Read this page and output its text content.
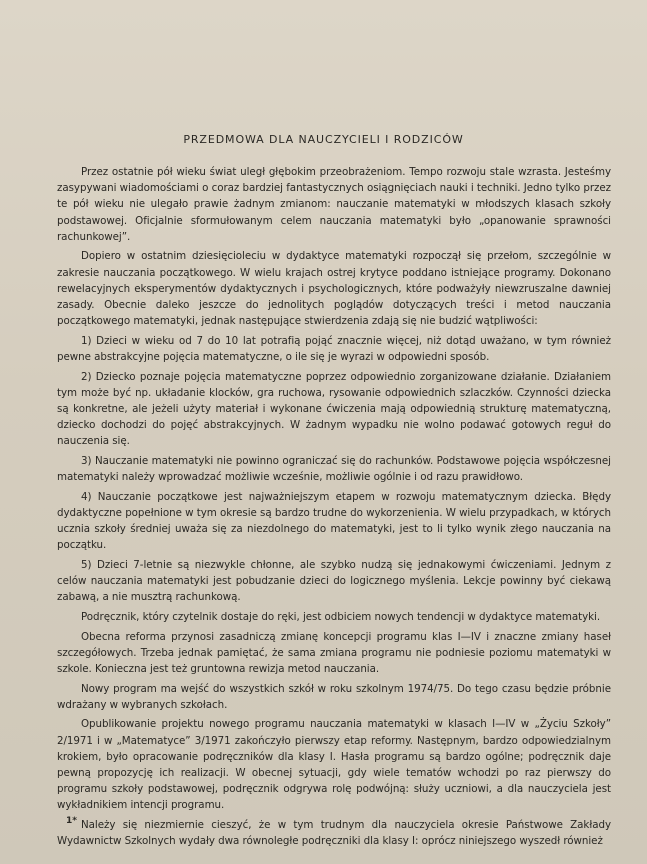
PRZEDMOWA DLA NAUCZYCIELI I RODZICÓW

Przez ostatnie pół wieku świat uległ głębokim przeobrażeniom. Tempo rozwoju stale wzrasta. Jesteśmy zasypywani wiadomościami o coraz bardziej fantastycznych osiągnięciach nauki i techniki. Jedno tylko przez te pół wieku nie ulegało prawie żadnym zmianom: nauczanie matematyki w młodszych klasach szkoły podstawowej. Oficjalnie sformułowanym celem nauczania matematyki było „opanowanie sprawności rachunkowej”.

Dopiero w ostatnim dziesięcioleciu w dydaktyce matematyki rozpoczął się przełom, szczególnie w zakresie nauczania początkowego. W wielu krajach ostrej krytyce poddano istniejące programy. Dokonano rewelacyjnych eksperymentów dydaktycznych i psychologicznych, które podważyły niewzruszalne dawniej zasady. Obecnie daleko jeszcze do jednolitych poglądów dotyczących treści i metod nauczania początkowego matematyki, jednak następujące stwierdzenia zdają się nie budzić wątpliwości:

1) Dzieci w wieku od 7 do 10 lat potrafią pojąć znacznie więcej, niż dotąd uważano, w tym również pewne abstrakcyjne pojęcia matematyczne, o ile się je wyrazi w odpowiedni sposób.

2) Dziecko poznaje pojęcia matematyczne poprzez odpowiednio zorganizowane działanie. Działaniem tym może być np. układanie klocków, gra ruchowa, rysowanie odpowiednich szlaczków. Czynności dziecka są konkretne, ale jeżeli użyty materiał i wykonane ćwiczenia mają odpowiednią strukturę matematyczną, dziecko dochodzi do pojęć abstrakcyjnych. W żadnym wypadku nie wolno podawać gotowych reguł do nauczenia się.

3) Nauczanie matematyki nie powinno ograniczać się do rachunków. Podstawowe pojęcia współczesnej matematyki należy wprowadzać możliwie wcześnie, możliwie ogólnie i od razu prawidłowo.

4) Nauczanie początkowe jest najważniejszym etapem w rozwoju matematycznym dziecka. Błędy dydaktyczne popełnione w tym okresie są bardzo trudne do wykorzenienia. W wielu przypadkach, w których ucznia szkoły średniej uważa się za niezdolnego do matematyki, jest to li tylko wynik złego nauczania na początku.

5) Dzieci 7-letnie są niezwykle chłonne, ale szybko nudzą się jednakowymi ćwiczeniami. Jednym z celów nauczania matematyki jest pobudzanie dzieci do logicznego myślenia. Lekcje powinny być ciekawą zabawą, a nie musztrą rachunkową.

Podręcznik, który czytelnik dostaje do ręki, jest odbiciem nowych tendencji w dydaktyce matematyki.

Obecna reforma przynosi zasadniczą zmianę koncepcji programu klas I—IV i znaczne zmiany haseł szczegółowych. Trzeba jednak pamiętać, że sama zmiana programu nie podniesie poziomu matematyki w szkole. Konieczna jest też gruntowna rewizja metod nauczania.

Nowy program ma wejść do wszystkich szkół w roku szkolnym 1974/75. Do tego czasu będzie próbnie wdrażany w wybranych szkołach.

Opublikowanie projektu nowego programu nauczania matematyki w klasach I—IV w „Życiu Szkoły” 2/1971 i w „Matematyce” 3/1971 zakończyło pierwszy etap reformy. Następnym, bardzo odpowiedzialnym krokiem, było opracowanie podręczników dla klasy I. Hasła programu są bardzo ogólne; podręcznik daje pewną propozycję ich realizacji. W obecnej sytuacji, gdy wiele tematów wchodzi po raz pierwszy do programu szkoły podstawowej, podręcznik odgrywa rolę podwójną: służy uczniowi, a dla nauczyciela jest wykładnikiem intencji programu.

Należy się niezmiernie cieszyć, że w tym trudnym dla nauczyciela okresie Państwowe Zakłady Wydawnictw Szkolnych wydały dwa równoległe podręczniki dla klasy I: oprócz niniejszego wyszedł również

1*
